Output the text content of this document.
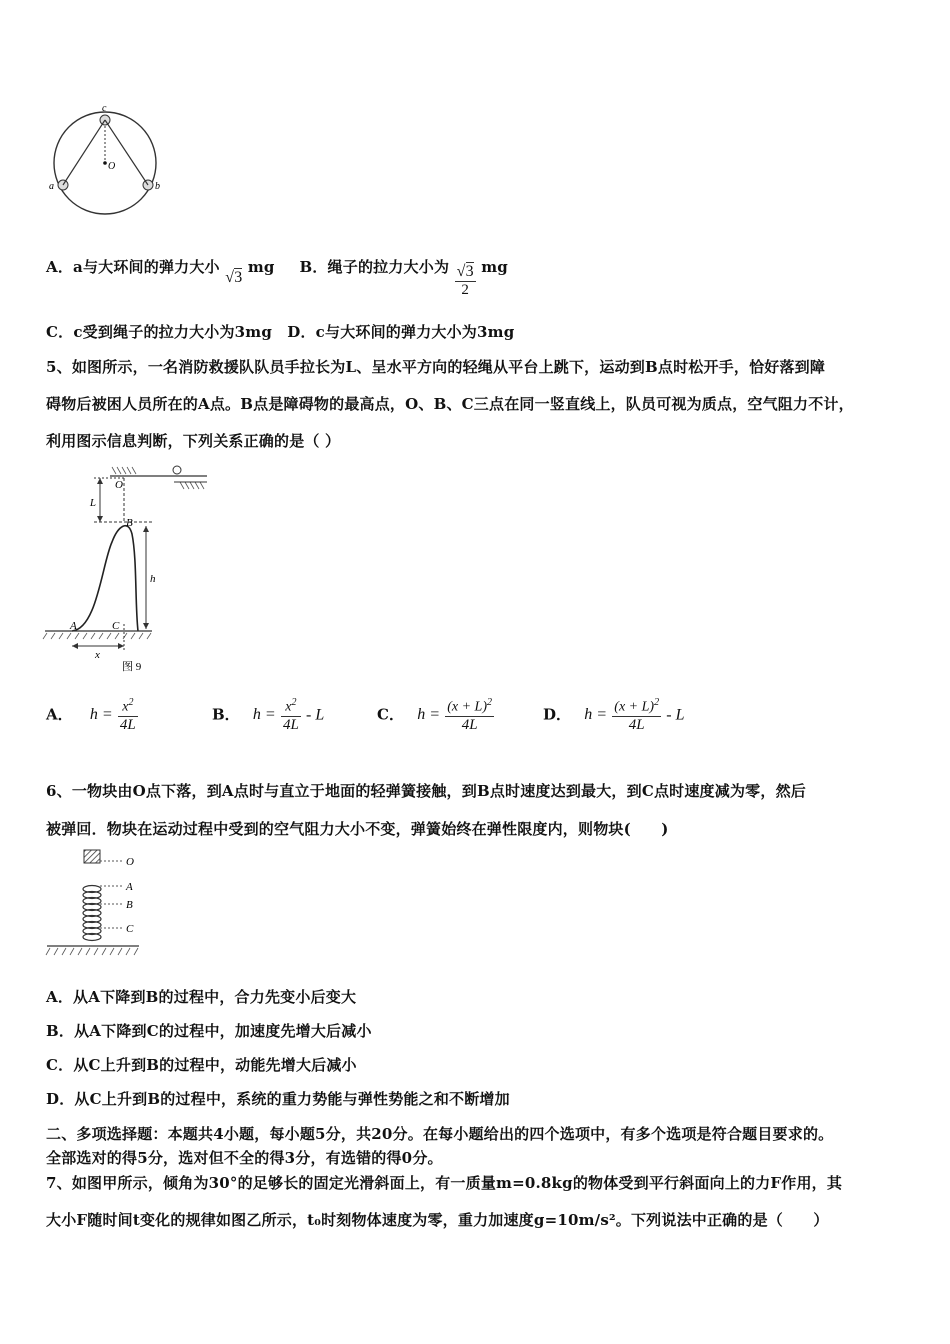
c
O
a	b
A．a与大环间的弹力大小 √3 mg B．绳子的拉力大小为 $\frac{√3}{2}$ mg
C．c受到绳子的拉力大小为3mg　D．c与大环间的弹力大小为3mg
5、如图所示，一名消防救援队队员手拉长为L、呈水平方向的轻绳从平台上跳下，运动到B点时松开手，恰好落到障
碍物后被困人员所在的A点。B点是障碍物的最高点，O、B、C三点在同一竖直线上，队员可视为质点，空气阻力不计，
利用图示信息判断，下列关系正确的是（ ）
O
L
B
h
A	C
x
图 9
A． $h = \frac{x^2}{4L}$	B． $h = \frac{x^2}{4L} - L$	C． $h = \frac{(x + L)^2}{4L}$	D． $h = \frac{(x + L)^2}{4L} - L$
6、一物块由O点下落，到A点时与直立于地面的轻弹簧接触，到B点时速度达到最大，到C点时速度减为零，然后
被弹回．物块在运动过程中受到的空气阻力大小不变，弹簧始终在弹性限度内，则物块(　　)
O
A
B
C
A．从A下降到B的过程中，合力先变小后变大
B．从A下降到C的过程中，加速度先增大后减小
C．从C上升到B的过程中，动能先增大后减小
D．从C上升到B的过程中，系统的重力势能与弹性势能之和不断增加
二、多项选择题：本题共4小题，每小题5分，共20分。在每小题给出的四个选项中，有多个选项是符合题目要求的。
全部选对的得5分，选对但不全的得3分，有选错的得0分。
7、如图甲所示，倾角为30°的足够长的固定光滑斜面上，有一质量m=0.8kg的物体受到平行斜面向上的力F作用，其
大小F随时间t变化的规律如图乙所示，t₀时刻物体速度为零，重力加速度g=10m/s²。下列说法中正确的是（　　）
